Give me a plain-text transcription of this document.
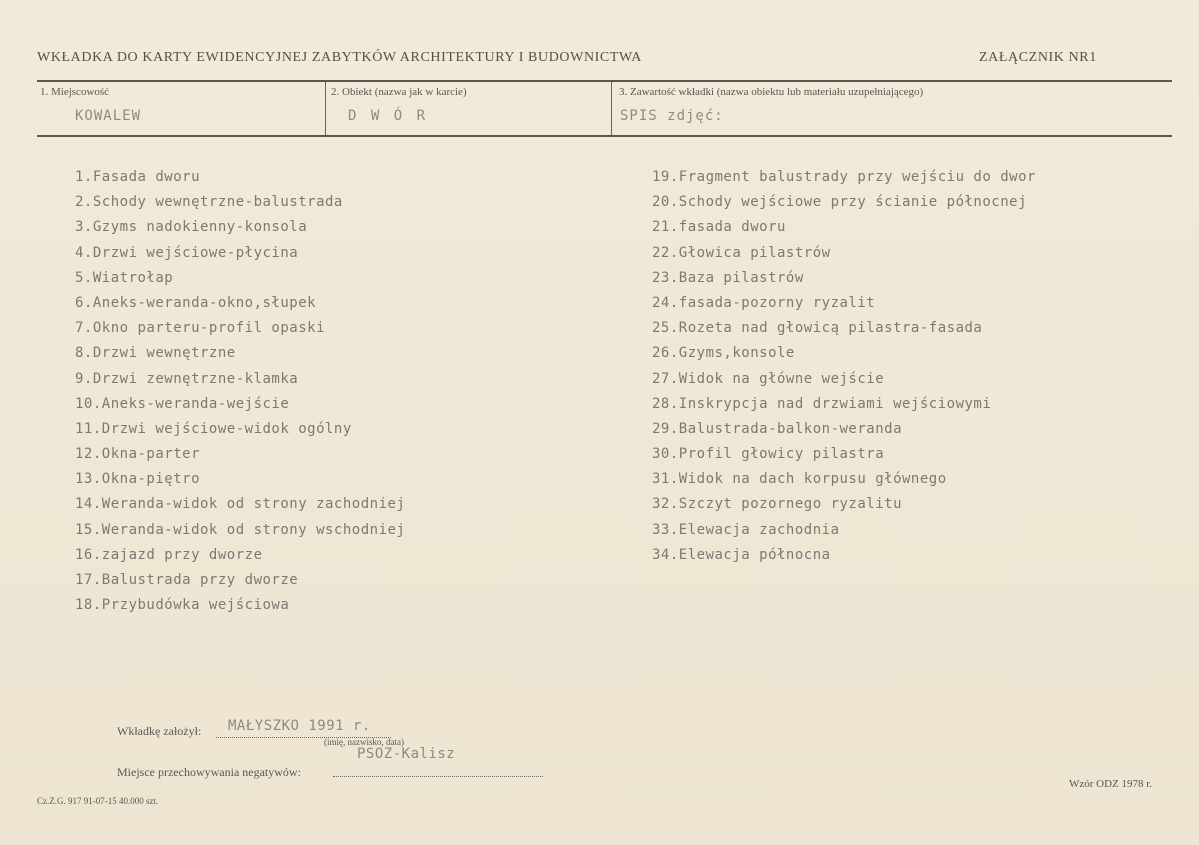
WKŁADKA DO KARTY EWIDENCYJNEJ ZABYTKÓW ARCHITEKTURY I BUDOWNICTWA	ZAŁĄCZNIK NR1
1. Miejscowość
KOWALEW
2. Obiekt (nazwa jak w karcie)
D W Ó R
3. Zawartość wkładki (nazwa obiektu lub materiału uzupełniającego)
SPIS zdjęć:
1.Fasada dworu
2.Schody wewnętrzne-balustrada
3.Gzyms nadokienny-konsola
4.Drzwi wejściowe-płycina
5.Wiatrołap
6.Aneks-weranda-okno,słupek
7.Okno parteru-profil opaski
8.Drzwi wewnętrzne
9.Drzwi zewnętrzne-klamka
10.Aneks-weranda-wejście
11.Drzwi wejściowe-widok ogólny
12.Okna-parter
13.Okna-piętro
14.Weranda-widok od strony zachodniej
15.Weranda-widok od strony wschodniej
16.zajazd przy dworze
17.Balustrada przy dworze
18.Przybudówka wejściowa
19.Fragment balustrady przy wejściu do dwor
20.Schody wejściowe przy ścianie północnej
21.fasada dworu
22.Głowica pilastrów
23.Baza pilastrów
24.fasada-pozorny ryzalit
25.Rozeta nad głowicą pilastra-fasada
26.Gzyms,konsole
27.Widok na główne wejście
28.Inskrypcja nad drzwiami wejściowymi
29.Balustrada-balkon-weranda
30.Profil głowicy pilastra
31.Widok na dach korpusu głównego
32.Szczyt pozornego ryzalitu
33.Elewacja zachodnia
34.Elewacja północna
Wkładkę założył: MAŁYSZKO 1991 r.
(imię, nazwisko, data)
PSOZ-Kalisz
Miejsce przechowywania negatywów:
Cz.Z.G. 917 91-07-15 40.000 szt.
Wzór ODZ 1978 r.
